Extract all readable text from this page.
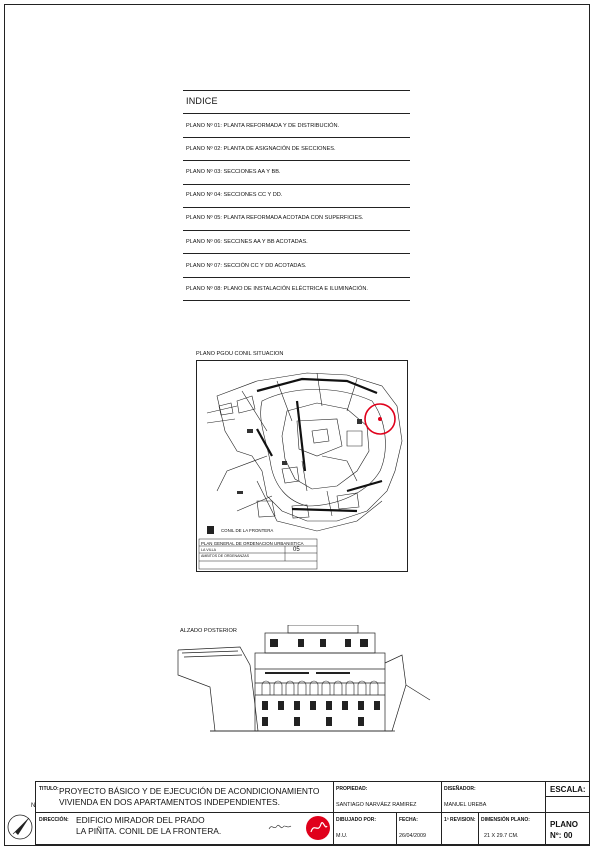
INDICE
PLANO Nº 01: PLANTA REFORMADA Y DE DISTRIBUCIÓN.
PLANO Nº 02: PLANTA DE ASIGNACIÓN DE SECCIONES.
PLANO Nº 03: SECCIONES AA Y BB.
PLANO Nº 04: SECCIONES CC Y DD.
PLANO Nº 05: PLANTA REFORMADA ACOTADA CON SUPERFICIES.
PLANO Nº 06: SECCINES AA Y BB ACOTADAS.
PLANO Nº 07: SECCIÓN CC Y DD ACOTADAS.
PLANO Nº 08: PLANO DE INSTALACIÓN ELÉCTRICA E ILUMINACIÓN.
PLANO PGOU CONIL SITUACION
CONIL DE LA FRONTERA
PLAN GENERAL DE ORDENACION URBANISTICA
LA VILLA
AMBITOS DE ORDENANZAS
05
ALZADO POSTERIOR
TITULO: PROYECTO BÁSICO Y DE EJECUCIÓN DE ACONDICIONAMIENTO
VIVIENDA EN DOS APARTAMENTOS INDEPENDIENTES.
DIRECCIÓN: EDIFICIO MIRADOR DEL PRADO
LA PIÑITA. CONIL DE LA FRONTERA.
PROPIEDAD:
SANTIAGO NARVÁEZ RAMIREZ
DIBUJADO POR:
M.U.
FECHA:
26/04/2009
DISEÑADOR:
MANUEL UREBA
1ª REVISION: DIMENSIÓN PLANO:
21 X 29.7 CM.
ESCALA:
PLANO
Nº: 00
N
